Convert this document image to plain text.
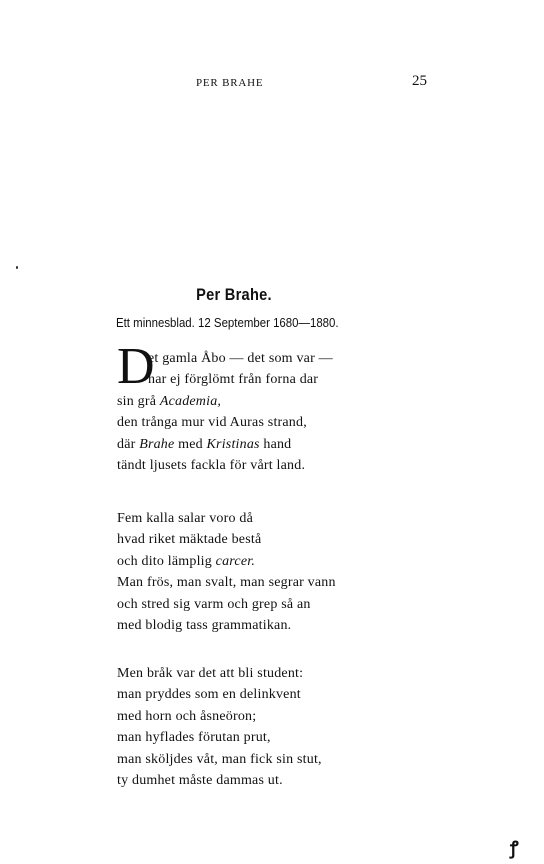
PER BRAHE	25
Per Brahe.
Ett minnesblad. 12 September 1680—1880.
D
et gamla Åbo — det som var —
har ej förglömt från forna dar
sin grå Academia,
den trånga mur vid Auras strand,
där Brahe med Kristinas hand
tändt ljusets fackla för vårt land.
Fem kalla salar voro då
hvad riket mäktade bestå
och dito lämplig carcer.
Man frös, man svalt, man segrar vann
och stred sig varm och grep så an
med blodig tass grammatikan.
Men bråk var det att bli student:
man pryddes som en delinkvent
med horn och åsneöron;
man hyflades förutan prut,
man sköljdes våt, man fick sin stut,
ty dumhet måste dammas ut.
ꝭ
